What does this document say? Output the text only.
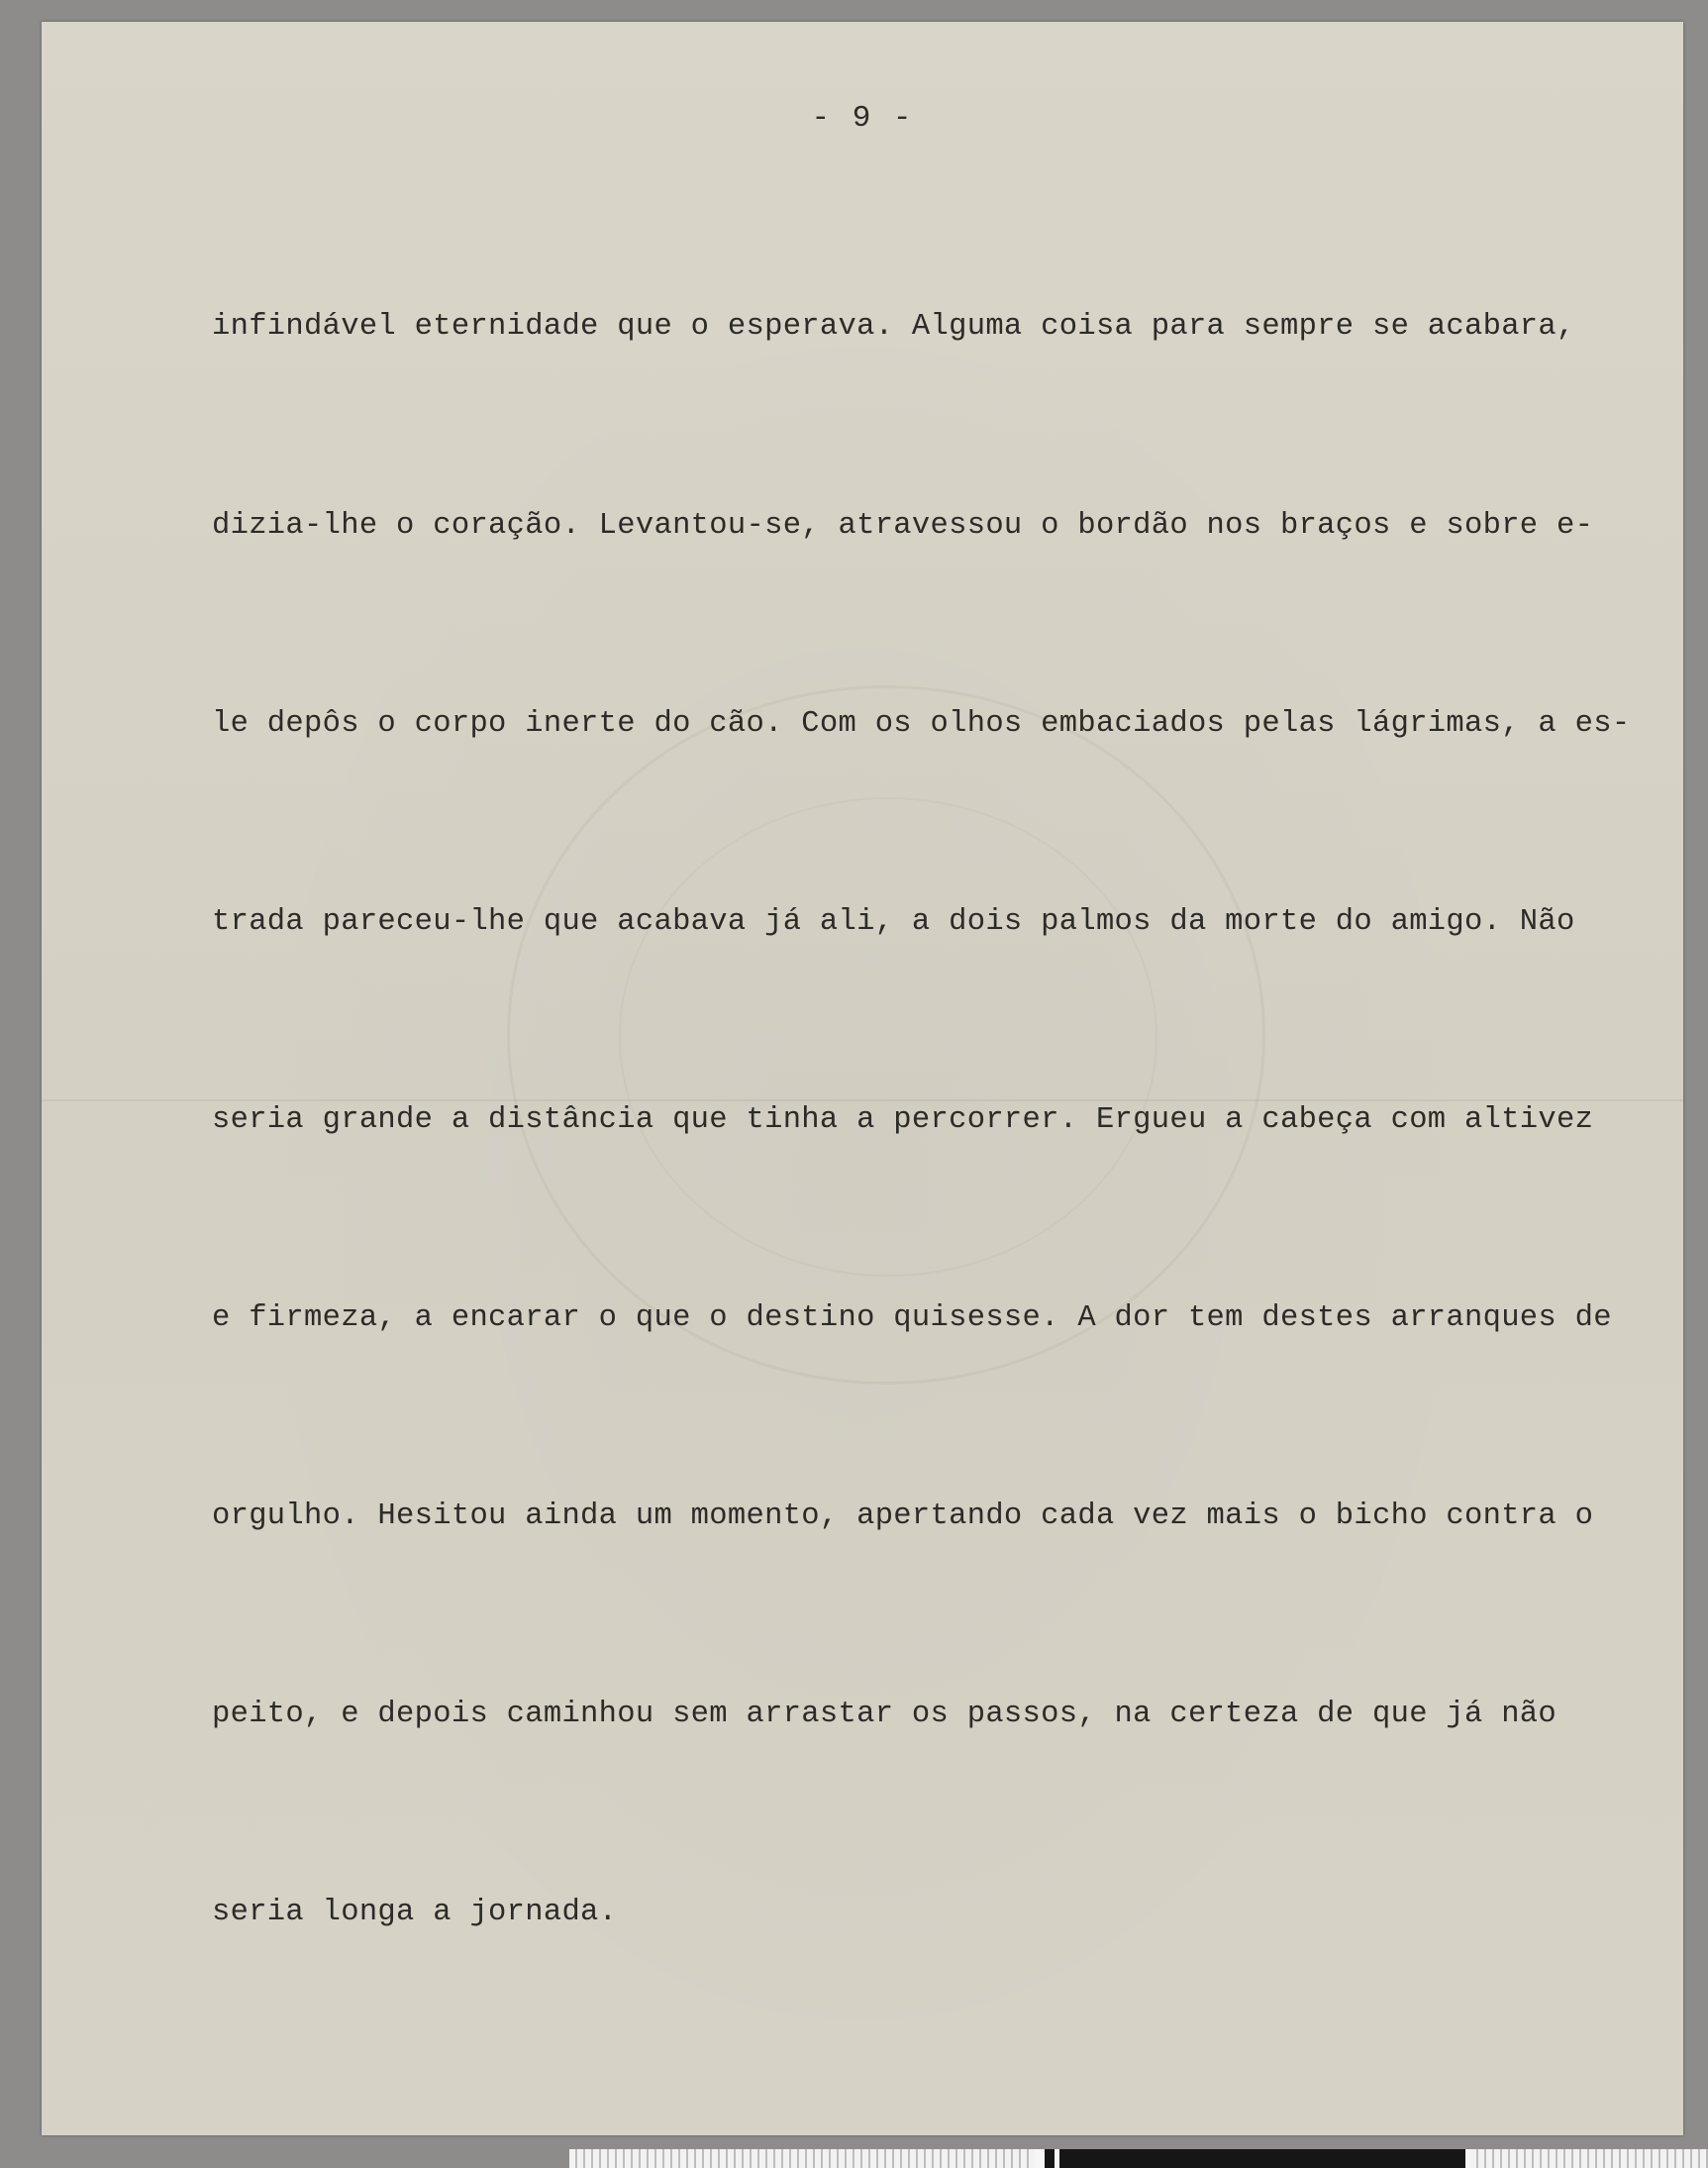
- 9 -

infindável eternidade que o esperava. Alguma coisa para sempre se acabara,

dizia-lhe o coração. Levantou-se, atravessou o bordão nos braços e sobre e-

le depôs o corpo inerte do cão. Com os olhos embaciados pelas lágrimas, a es-

trada pareceu-lhe que acabava já ali, a dois palmos da morte do amigo. Não

seria grande a distância que tinha a percorrer. Ergueu a cabeça com altivez

e firmeza, a encarar o que o destino quisesse. A dor tem destes arranques de

orgulho. Hesitou ainda um momento, apertando cada vez mais o bicho contra o

peito, e depois caminhou sem arrastar os passos, na certeza de que já não

seria longa a jornada.
